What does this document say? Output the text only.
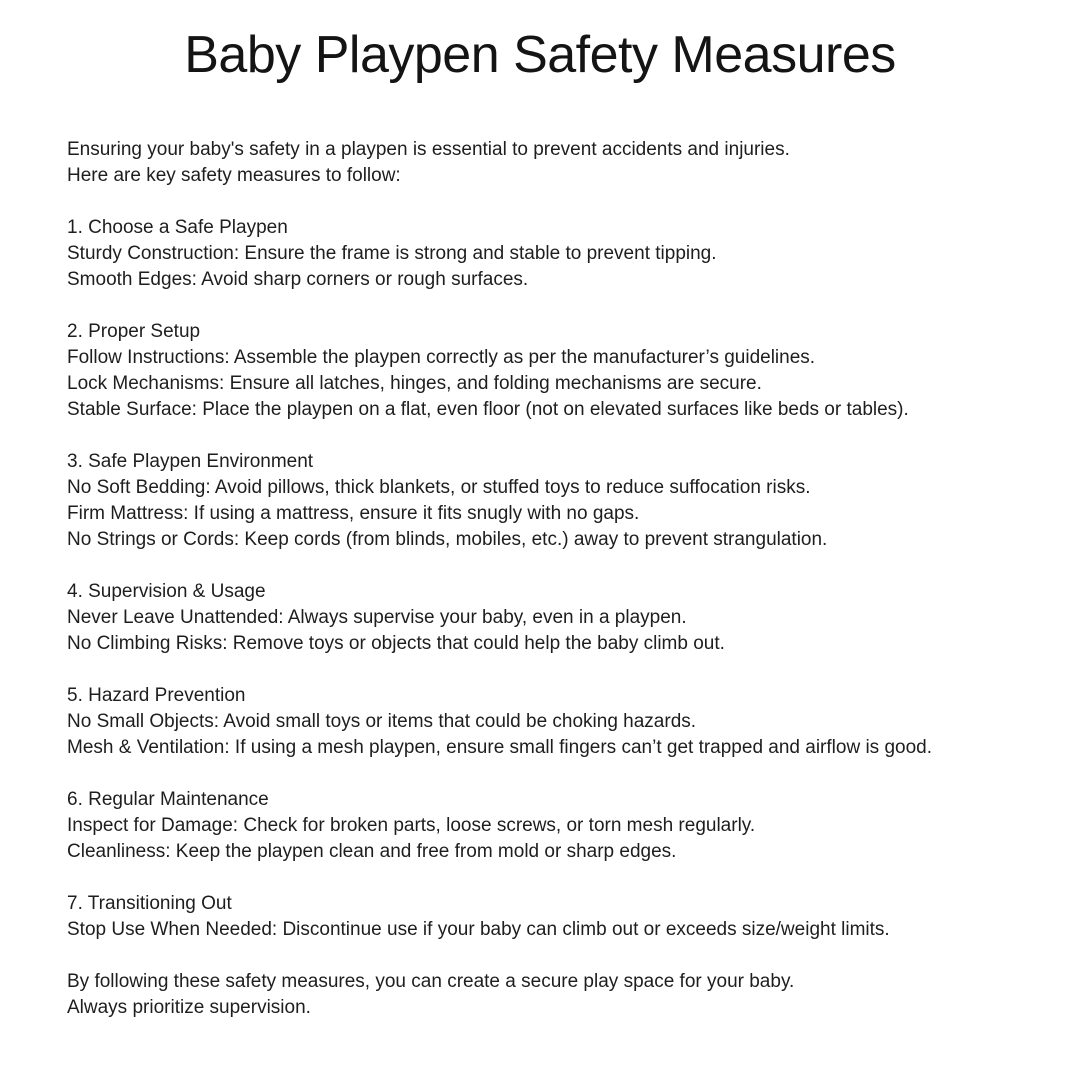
Baby Playpen Safety Measures

Ensuring your baby's safety in a playpen is essential to prevent accidents and injuries.
Here are key safety measures to follow:

1. Choose a Safe Playpen
Sturdy Construction: Ensure the frame is strong and stable to prevent tipping.
Smooth Edges: Avoid sharp corners or rough surfaces.

2. Proper Setup
Follow Instructions: Assemble the playpen correctly as per the manufacturer’s guidelines.
Lock Mechanisms: Ensure all latches, hinges, and folding mechanisms are secure.
Stable Surface: Place the playpen on a flat, even floor (not on elevated surfaces like beds or tables).

3. Safe Playpen Environment
No Soft Bedding: Avoid pillows, thick blankets, or stuffed toys to reduce suffocation risks.
Firm Mattress: If using a mattress, ensure it fits snugly with no gaps.
No Strings or Cords: Keep cords (from blinds, mobiles, etc.) away to prevent strangulation.

4. Supervision & Usage
Never Leave Unattended: Always supervise your baby, even in a playpen.
No Climbing Risks: Remove toys or objects that could help the baby climb out.

5. Hazard Prevention
No Small Objects: Avoid small toys or items that could be choking hazards.
Mesh & Ventilation: If using a mesh playpen, ensure small fingers can’t get trapped and airflow is good.

6. Regular Maintenance
Inspect for Damage: Check for broken parts, loose screws, or torn mesh regularly.
Cleanliness: Keep the playpen clean and free from mold or sharp edges.

7. Transitioning Out
Stop Use When Needed: Discontinue use if your baby can climb out or exceeds size/weight limits.

By following these safety measures, you can create a secure play space for your baby.
Always prioritize supervision.
